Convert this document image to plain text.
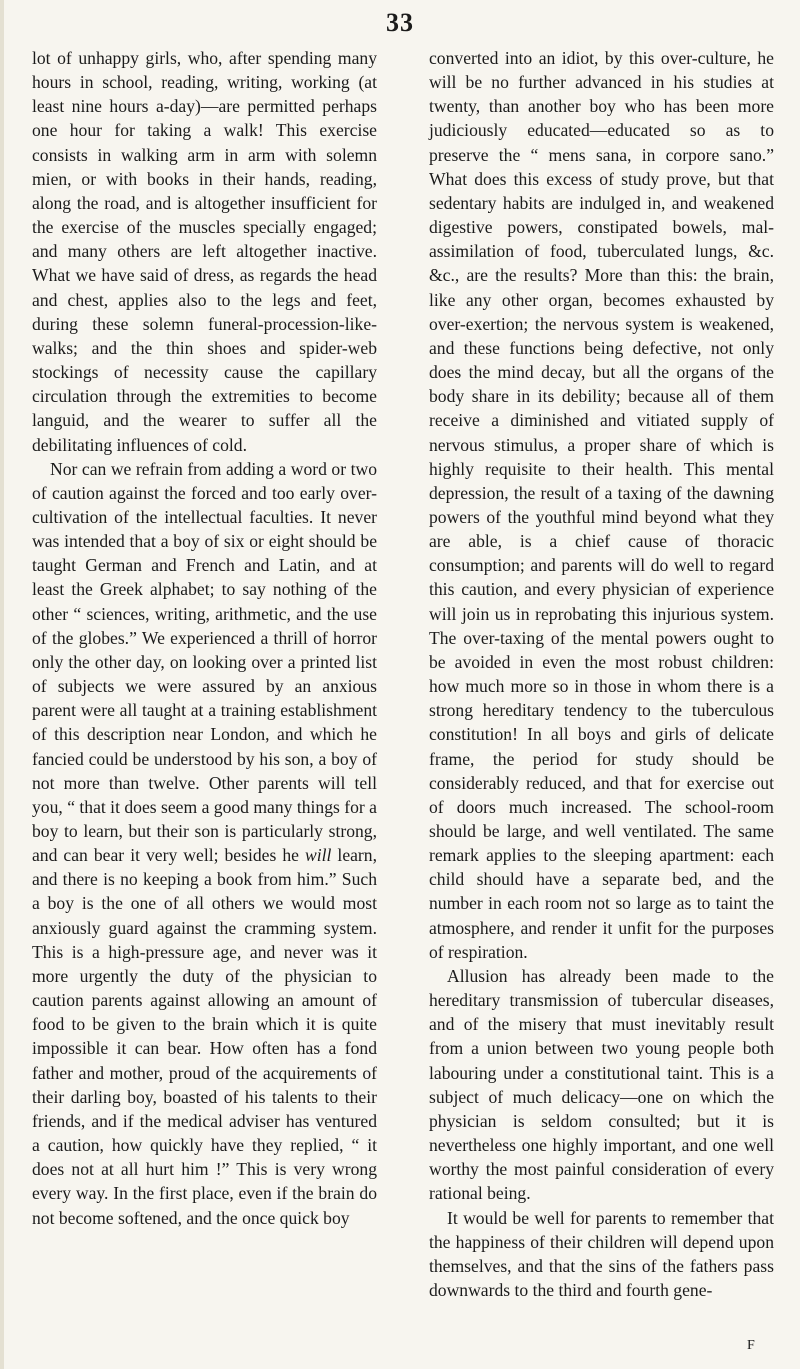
33

lot of unhappy girls, who, after spending many hours in school, reading, writing, working (at least nine hours a-day)—are permitted perhaps one hour for taking a walk! This exercise consists in walking arm in arm with solemn mien, or with books in their hands, reading, along the road, and is altogether insufficient for the exercise of the muscles specially engaged; and many others are left altogether inactive. What we have said of dress, as regards the head and chest, applies also to the legs and feet, during these solemn funeral-procession-like-walks; and the thin shoes and spider-web stockings of necessity cause the capillary circulation through the extremities to become languid, and the wearer to suffer all the debilitating influences of cold.

Nor can we refrain from adding a word or two of caution against the forced and too early over-cultivation of the intellectual faculties. It never was intended that a boy of six or eight should be taught German and French and Latin, and at least the Greek alphabet; to say nothing of the other “ sciences, writing, arithmetic, and the use of the globes.” We experienced a thrill of horror only the other day, on looking over a printed list of subjects we were assured by an anxious parent were all taught at a training establishment of this description near London, and which he fancied could be understood by his son, a boy of not more than twelve. Other parents will tell you, “ that it does seem a good many things for a boy to learn, but their son is particularly strong, and can bear it very well; besides he will learn, and there is no keeping a book from him.” Such a boy is the one of all others we would most anxiously guard against the cramming system. This is a high-pressure age, and never was it more urgently the duty of the physician to caution parents against allowing an amount of food to be given to the brain which it is quite impossible it can bear. How often has a fond father and mother, proud of the acquirements of their darling boy, boasted of his talents to their friends, and if the medical adviser has ventured a caution, how quickly have they replied, “ it does not at all hurt him !” This is very wrong every way. In the first place, even if the brain do not become softened, and the once quick boy

converted into an idiot, by this over-culture, he will be no further advanced in his studies at twenty, than another boy who has been more judiciously educated—educated so as to preserve the “ mens sana, in corpore sano.” What does this excess of study prove, but that sedentary habits are indulged in, and weakened digestive powers, constipated bowels, mal-assimilation of food, tuberculated lungs, &c. &c., are the results? More than this: the brain, like any other organ, becomes exhausted by over-exertion; the nervous system is weakened, and these functions being defective, not only does the mind decay, but all the organs of the body share in its debility; because all of them receive a diminished and vitiated supply of nervous stimulus, a proper share of which is highly requisite to their health. This mental depression, the result of a taxing of the dawning powers of the youthful mind beyond what they are able, is a chief cause of thoracic consumption; and parents will do well to regard this caution, and every physician of experience will join us in reprobating this injurious system. The over-taxing of the mental powers ought to be avoided in even the most robust children: how much more so in those in whom there is a strong hereditary tendency to the tuberculous constitution! In all boys and girls of delicate frame, the period for study should be considerably reduced, and that for exercise out of doors much increased. The school-room should be large, and well ventilated. The same remark applies to the sleeping apartment: each child should have a separate bed, and the number in each room not so large as to taint the atmosphere, and render it unfit for the purposes of respiration.

Allusion has already been made to the hereditary transmission of tubercular diseases, and of the misery that must inevitably result from a union between two young people both labouring under a constitutional taint. This is a subject of much delicacy—one on which the physician is seldom consulted; but it is nevertheless one highly important, and one well worthy the most painful consideration of every rational being.

It would be well for parents to remember that the happiness of their children will depend upon themselves, and that the sins of the fathers pass downwards to the third and fourth gene-

F
